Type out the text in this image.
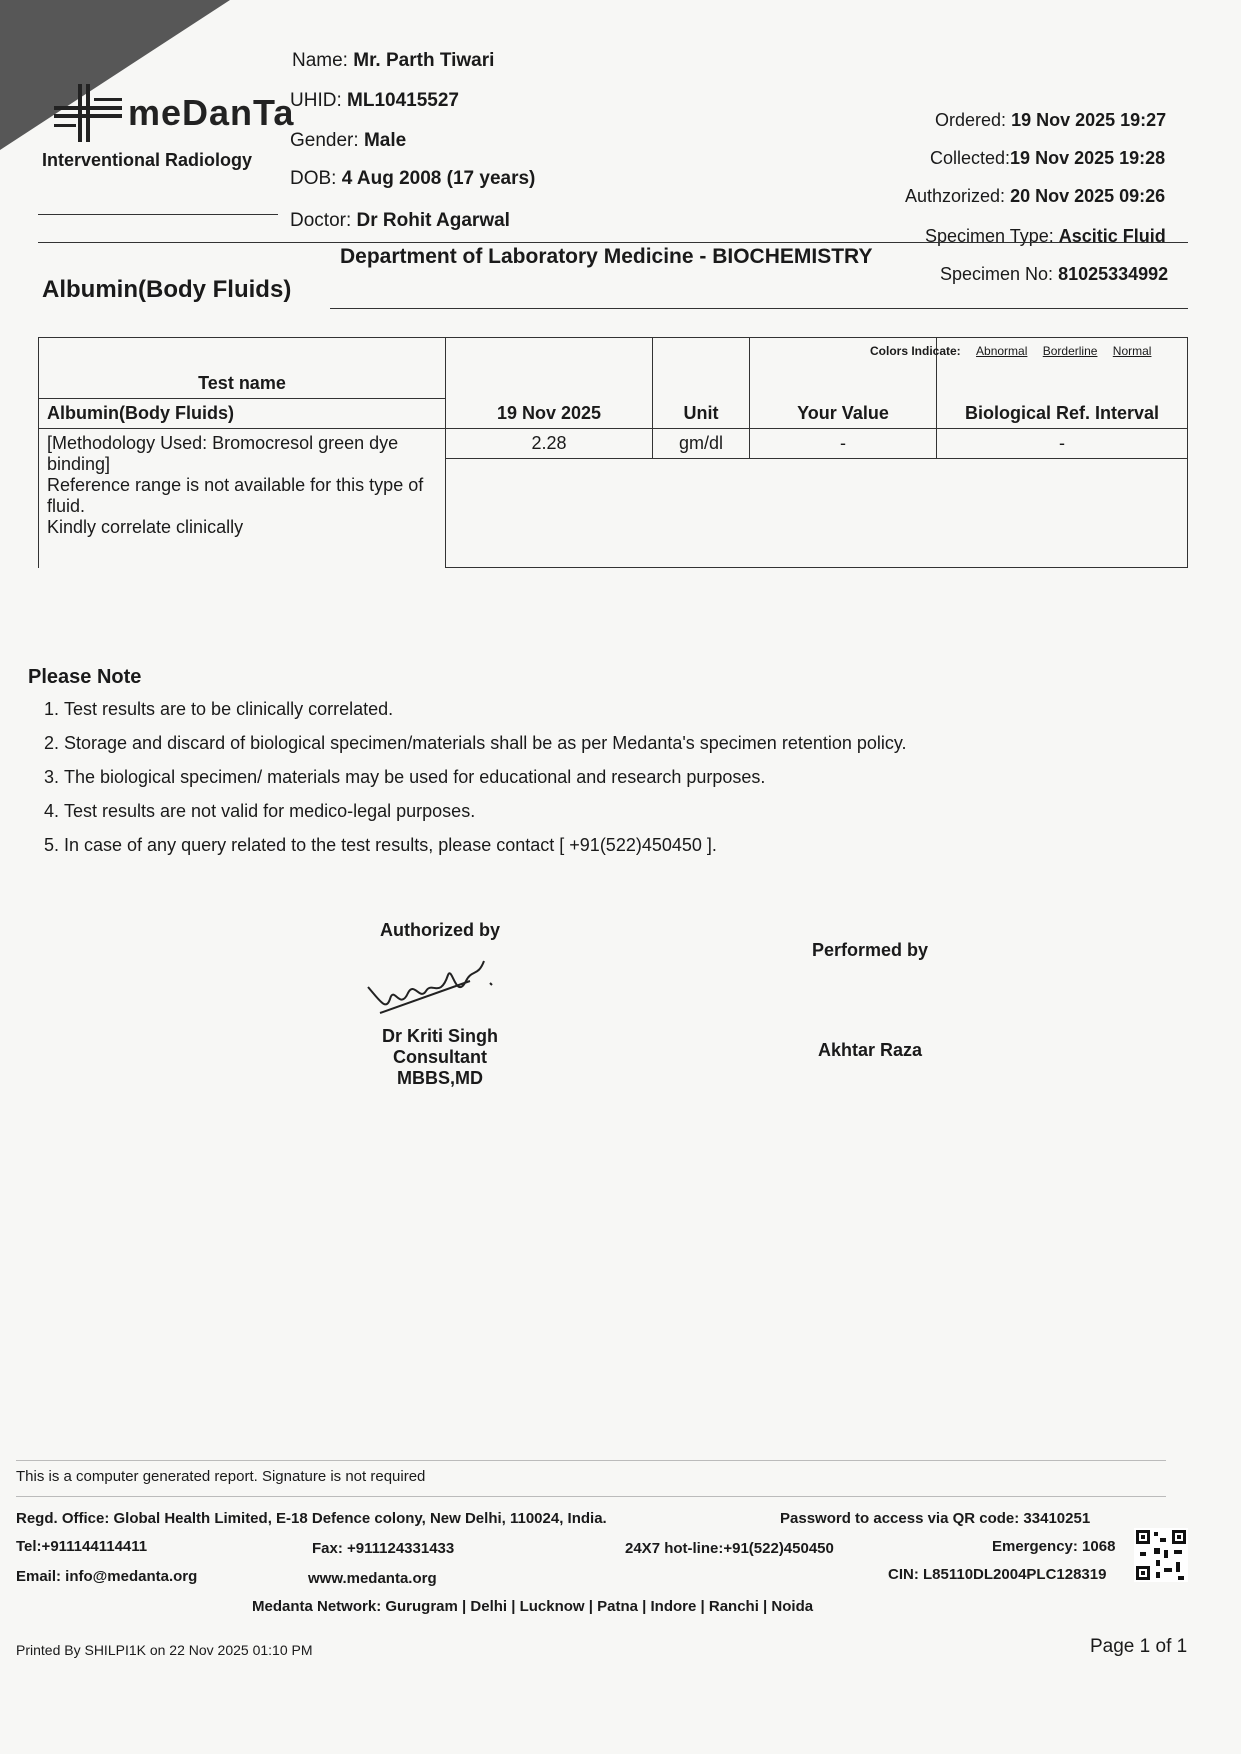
meDanTa
Interventional Radiology
Name: Mr. Parth Tiwari
UHID: ML10415527
Gender: Male
DOB: 4 Aug 2008 (17 years)
Doctor: Dr Rohit Agarwal
Ordered: 19 Nov 2025 19:27
Collected:19 Nov 2025 19:28
Authzorized: 20 Nov 2025 09:26
Specimen Type: Ascitic Fluid
Specimen No: 81025334992
Department of Laboratory Medicine - BIOCHEMISTRY
Albumin(Body Fluids)
Test name	19 Nov 2025	Unit	Your Value	Biological Ref. Interval
Albumin(Body Fluids)				

[Methodology Used: Bromocresol green dye binding]
Reference range is not available for this type of fluid.
Kindly correlate clinically	2.28	gm/dl	-	-

Colors Indicate: Abnormal Borderline Normal
Please Note
1. Test results are to be clinically correlated.
2. Storage and discard of biological specimen/materials shall be as per Medanta's specimen retention policy.
3. The biological specimen/ materials may be used for educational and research purposes.
4. Test results are not valid for medico-legal purposes.
5. In case of any query related to the test results, please contact [ +91(522)450450 ].
Authorized by
Dr Kriti Singh
Consultant
MBBS,MD
Performed by
Akhtar Raza
This is a computer generated report. Signature is not required
Regd. Office: Global Health Limited, E-18 Defence colony, New Delhi, 110024, India.	Password to access via QR code: 33410251
Tel:+911144114411	Fax: +911124331433	24X7 hot-line:+91(522)450450	Emergency: 1068
Email: info@medanta.org	www.medanta.org	CIN: L85110DL2004PLC128319
Medanta Network: Gurugram | Delhi | Lucknow | Patna | Indore | Ranchi | Noida
Printed By SHILPI1K on 22 Nov 2025 01:10 PM	Page 1 of 1
